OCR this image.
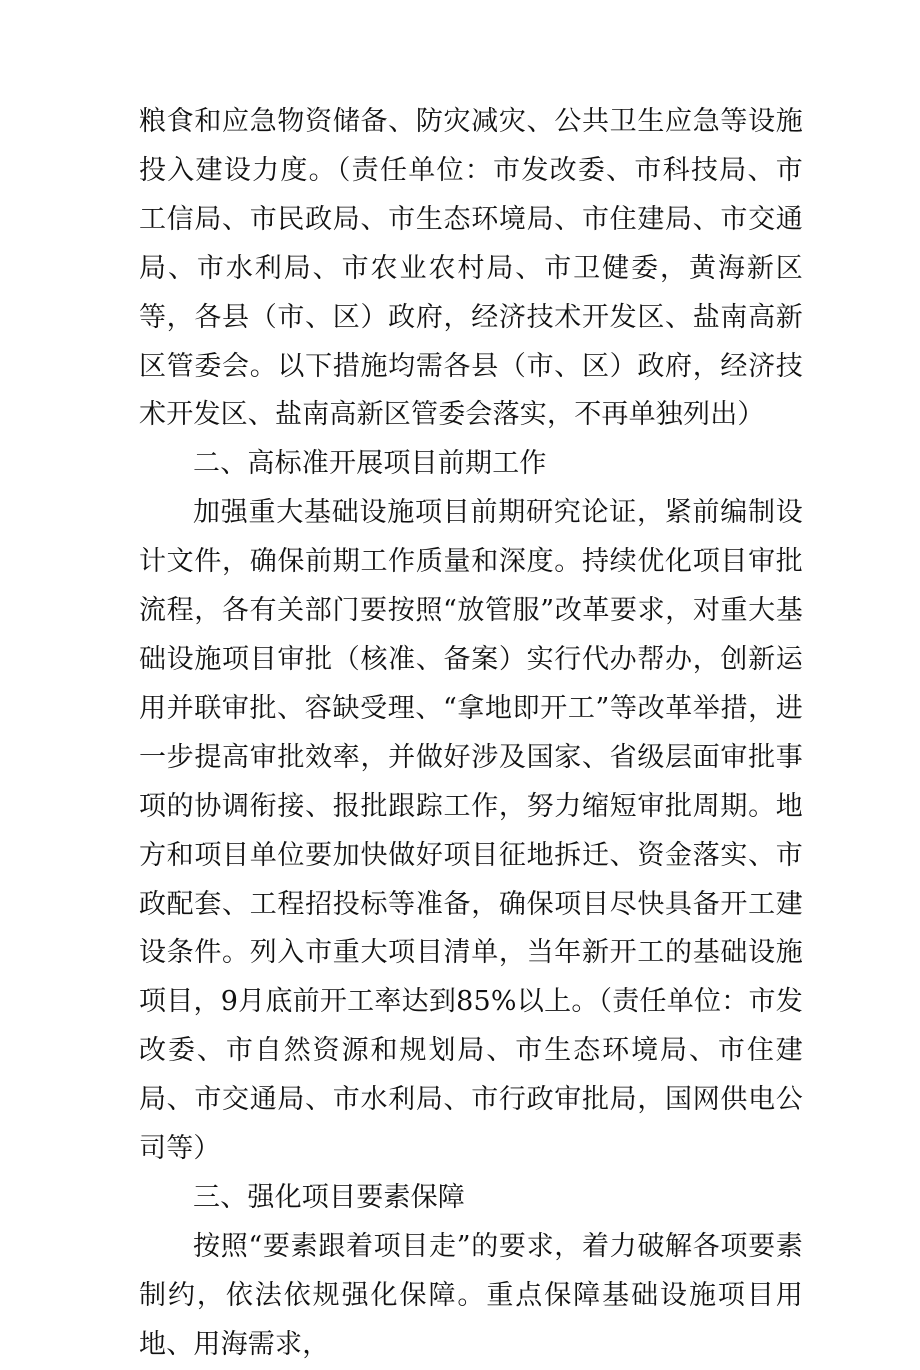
粮食和应急物资储备、防灾减灾、公共卫生应急等设施投入建设力度。（责任单位：市发改委、市科技局、市工信局、市民政局、市生态环境局、市住建局、市交通局、市水利局、市农业农村局、市卫健委，黄海新区等，各县（市、区）政府，经济技术开发区、盐南高新区管委会。以下措施均需各县（市、区）政府，经济技术开发区、盐南高新区管委会落实，不再单独列出）

二、高标准开展项目前期工作

加强重大基础设施项目前期研究论证，紧前编制设计文件，确保前期工作质量和深度。持续优化项目审批流程，各有关部门要按照“放管服”改革要求，对重大基础设施项目审批（核准、备案）实行代办帮办，创新运用并联审批、容缺受理、“拿地即开工”等改革举措，进一步提高审批效率，并做好涉及国家、省级层面审批事项的协调衔接、报批跟踪工作，努力缩短审批周期。地方和项目单位要加快做好项目征地拆迁、资金落实、市政配套、工程招投标等准备，确保项目尽快具备开工建设条件。列入市重大项目清单，当年新开工的基础设施项目，9月底前开工率达到85%以上。（责任单位：市发改委、市自然资源和规划局、市生态环境局、市住建局、市交通局、市水利局、市行政审批局，国网供电公司等）

三、强化项目要素保障

按照“要素跟着项目走”的要求，着力破解各项要素制约，依法依规强化保障。重点保障基础设施项目用地、用海需求，
